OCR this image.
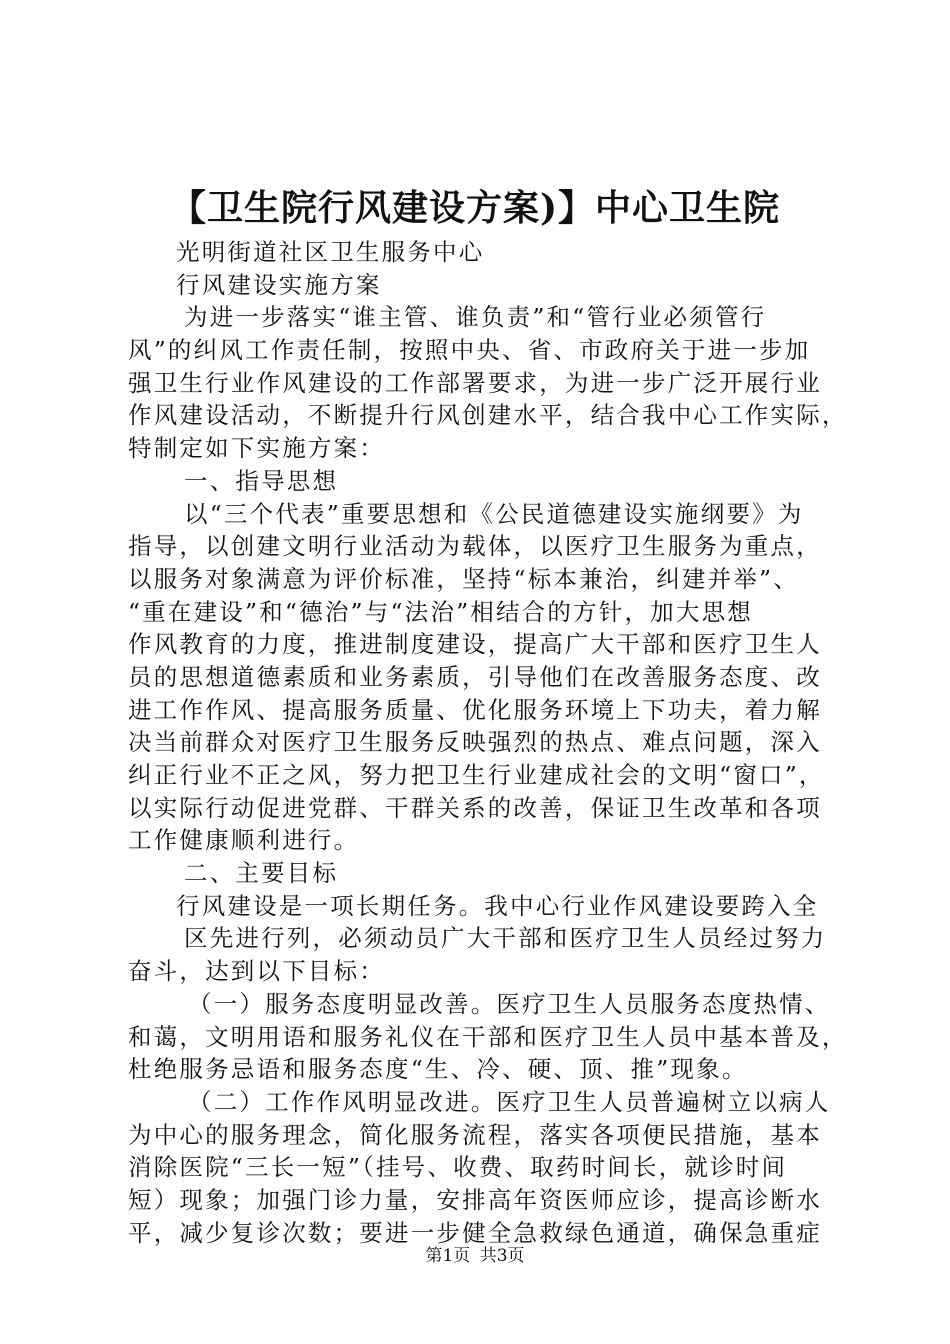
【卫生院行风建设方案)】中心卫生院
光明街道社区卫生服务中心
行风建设实施方案
为进一步落实“谁主管、谁负责”和“管行业必须管行
风”的纠风工作责任制，按照中央、省、市政府关于进一步加
强卫生行业作风建设的工作部署要求，为进一步广泛开展行业
作风建设活动，不断提升行风创建水平，结合我中心工作实际，
特制定如下实施方案：
一、指导思想
以“三个代表”重要思想和《公民道德建设实施纲要》为
指导，以创建文明行业活动为载体，以医疗卫生服务为重点，
以服务对象满意为评价标准，坚持“标本兼治，纠建并举”、
“重在建设”和“德治”与“法治”相结合的方针，加大思想
作风教育的力度，推进制度建设，提高广大干部和医疗卫生人
员的思想道德素质和业务素质，引导他们在改善服务态度、改
进工作作风、提高服务质量、优化服务环境上下功夫，着力解
决当前群众对医疗卫生服务反映强烈的热点、难点问题，深入
纠正行业不正之风，努力把卫生行业建成社会的文明“窗口”，
以实际行动促进党群、干群关系的改善，保证卫生改革和各项
工作健康顺利进行。
二、主要目标
行风建设是一项长期任务。我中心行业作风建设要跨入全
区先进行列，必须动员广大干部和医疗卫生人员经过努力
奋斗，达到以下目标：
（一）服务态度明显改善。医疗卫生人员服务态度热情、
和蔼，文明用语和服务礼仪在干部和医疗卫生人员中基本普及，
杜绝服务忌语和服务态度“生、冷、硬、顶、推”现象。
（二）工作作风明显改进。医疗卫生人员普遍树立以病人
为中心的服务理念，简化服务流程，落实各项便民措施，基本
消除医院“三长一短”（挂号、收费、取药时间长，就诊时间
短）现象；加强门诊力量，安排高年资医师应诊，提高诊断水
平，减少复诊次数；要进一步健全急救绿色通道，确保急重症
第1页 共3页
